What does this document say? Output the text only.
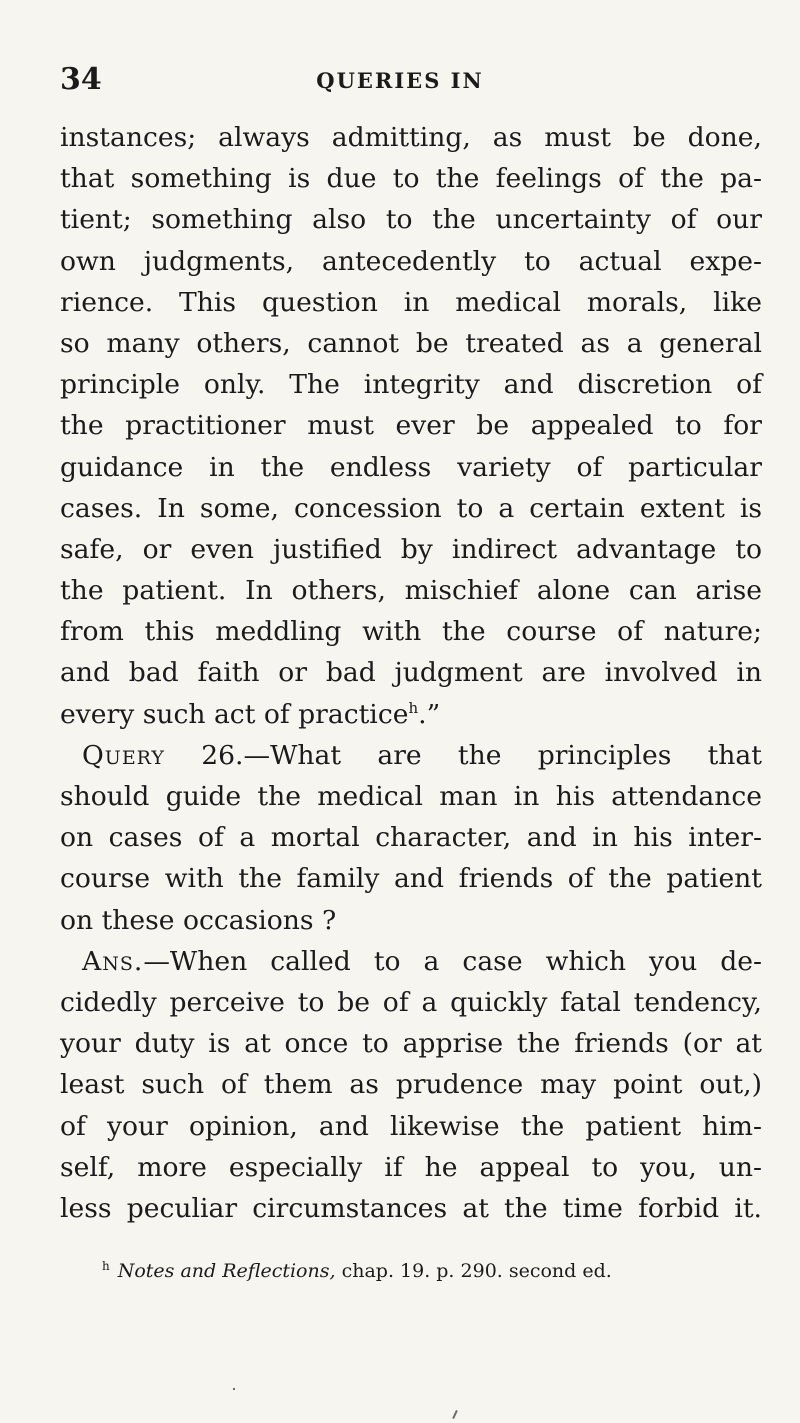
34	QUERIES IN
instances; always admitting, as must be done,
that something is due to the feelings of the pa-
tient; something also to the uncertainty of our
own judgments, antecedently to actual expe-
rience. This question in medical morals, like
so many others, cannot be treated as a general
principle only. The integrity and discretion of
the practitioner must ever be appealed to for
guidance in the endless variety of particular
cases. In some, concession to a certain extent is
safe, or even justified by indirect advantage to
the patient. In others, mischief alone can arise
from this meddling with the course of nature;
and bad faith or bad judgment are involved in
every such act of practice$^h$.”
Query 26.—What are the principles that
should guide the medical man in his attendance
on cases of a mortal character, and in his inter-
course with the family and friends of the patient
on these occasions ?
Ans.—When called to a case which you de-
cidedly perceive to be of a quickly fatal tendency,
your duty is at once to apprise the friends (or at
least such of them as prudence may point out,)
of your opinion, and likewise the patient him-
self, more especially if he appeal to you, un-
less peculiar circumstances at the time forbid it.
$^h$ Notes and Reflections, chap. 19. p. 290. second ed.
